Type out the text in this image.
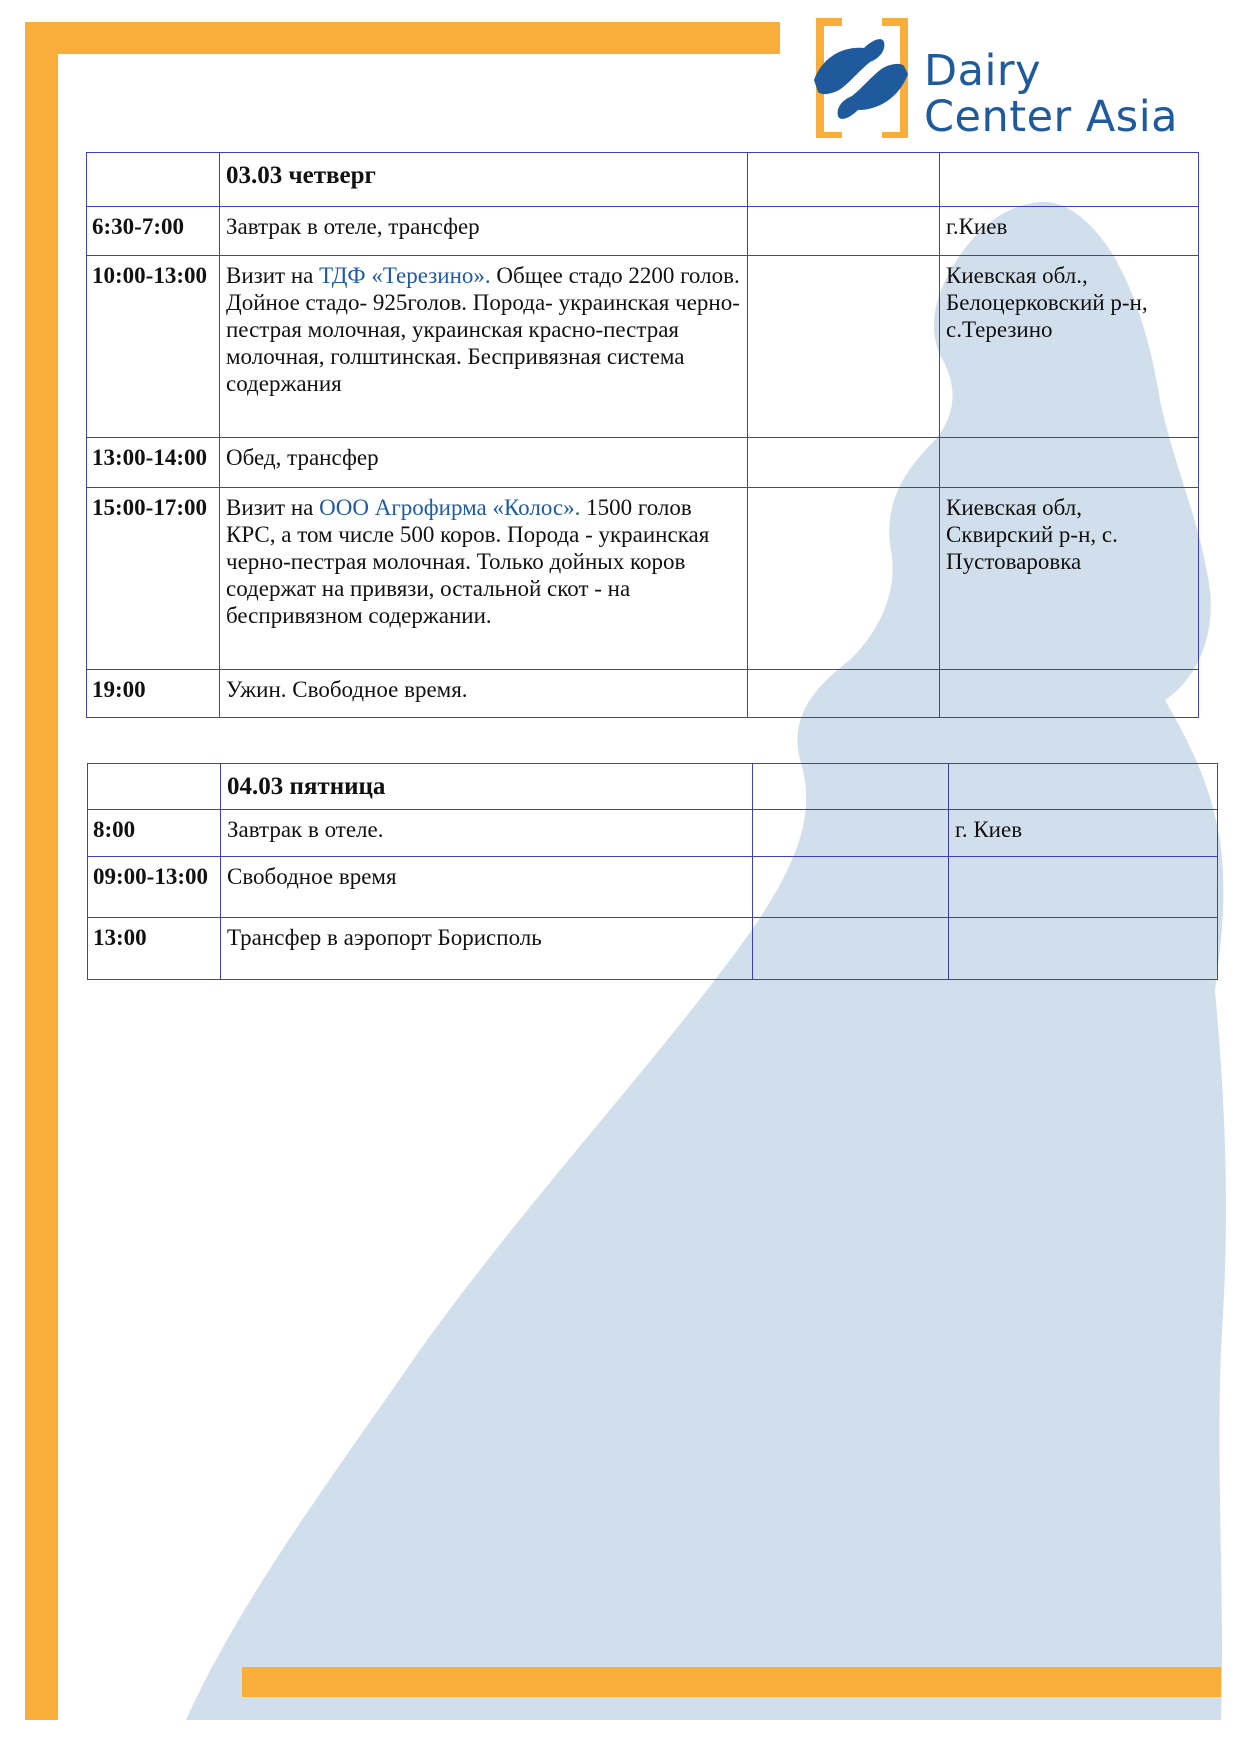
Dairy
Center Asia
	03.03 четверг		
6:30-7:00	Завтрак в отеле, трансфер		г.Киев
10:00-13:00	Визит на ТДФ «Терезино». Общее стадо 2200 голов. Дойное стадо- 925голов. Порода- украинская черно-пестрая молочная, украинская красно-пестрая молочная, голштинская. Беспривязная система содержания		Киевская обл., Белоцерковский р-н, с.Терезино
13:00-14:00	Обед, трансфер		
15:00-17:00	Визит на ООО Агрофирма «Колос». 1500 голов КРС, а том числе 500 коров. Порода - украинская черно-пестрая молочная. Только дойных коров содержат на привязи, остальной скот - на беспривязном содержании.		Киевская обл, Сквирский р-н, с. Пустоваровка
19:00	Ужин. Свободное время.		
	04.03 пятница		
8:00	Завтрак в отеле.		г. Киев
09:00-13:00	Свободное время		
13:00	Трансфер в аэропорт Борисполь		
